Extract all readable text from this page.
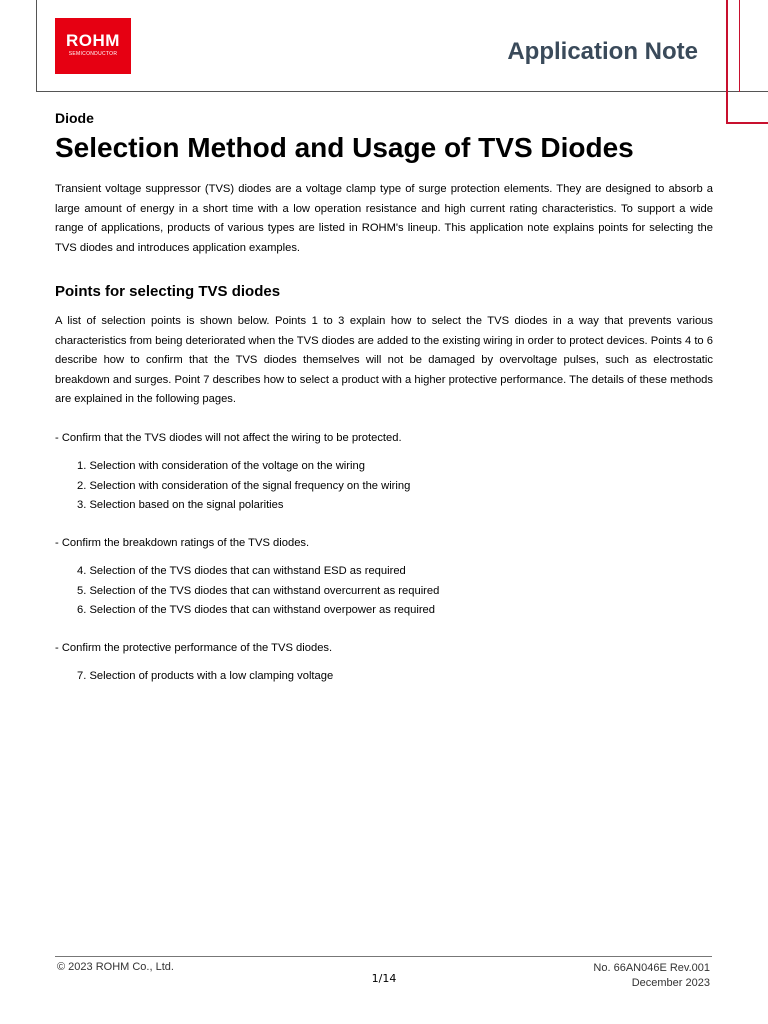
ROHM
SEMICONDUCTOR	Application Note

Diode

Selection Method and Usage of TVS Diodes

Transient voltage suppressor (TVS) diodes are a voltage clamp type of surge protection elements. They are designed to absorb a large amount of energy in a short time with a low operation resistance and high current rating characteristics. To support a wide range of applications, products of various types are listed in ROHM's lineup. This application note explains points for selecting the TVS diodes and introduces application examples.

Points for selecting TVS diodes

A list of selection points is shown below. Points 1 to 3 explain how to select the TVS diodes in a way that prevents various characteristics from being deteriorated when the TVS diodes are added to the existing wiring in order to protect devices. Points 4 to 6 describe how to confirm that the TVS diodes themselves will not be damaged by overvoltage pulses, such as electrostatic breakdown and surges. Point 7 describes how to select a product with a higher protective performance. The details of these methods are explained in the following pages.

- Confirm that the TVS diodes will not affect the wiring to be protected.

1. Selection with consideration of the voltage on the wiring
2. Selection with consideration of the signal frequency on the wiring
3. Selection based on the signal polarities

- Confirm the breakdown ratings of the TVS diodes.

4. Selection of the TVS diodes that can withstand ESD as required
5. Selection of the TVS diodes that can withstand overcurrent as required
6. Selection of the TVS diodes that can withstand overpower as required

- Confirm the protective performance of the TVS diodes.

7. Selection of products with a low clamping voltage
© 2023 ROHM Co., Ltd.
1/14
No. 66AN046E Rev.001
December 2023
